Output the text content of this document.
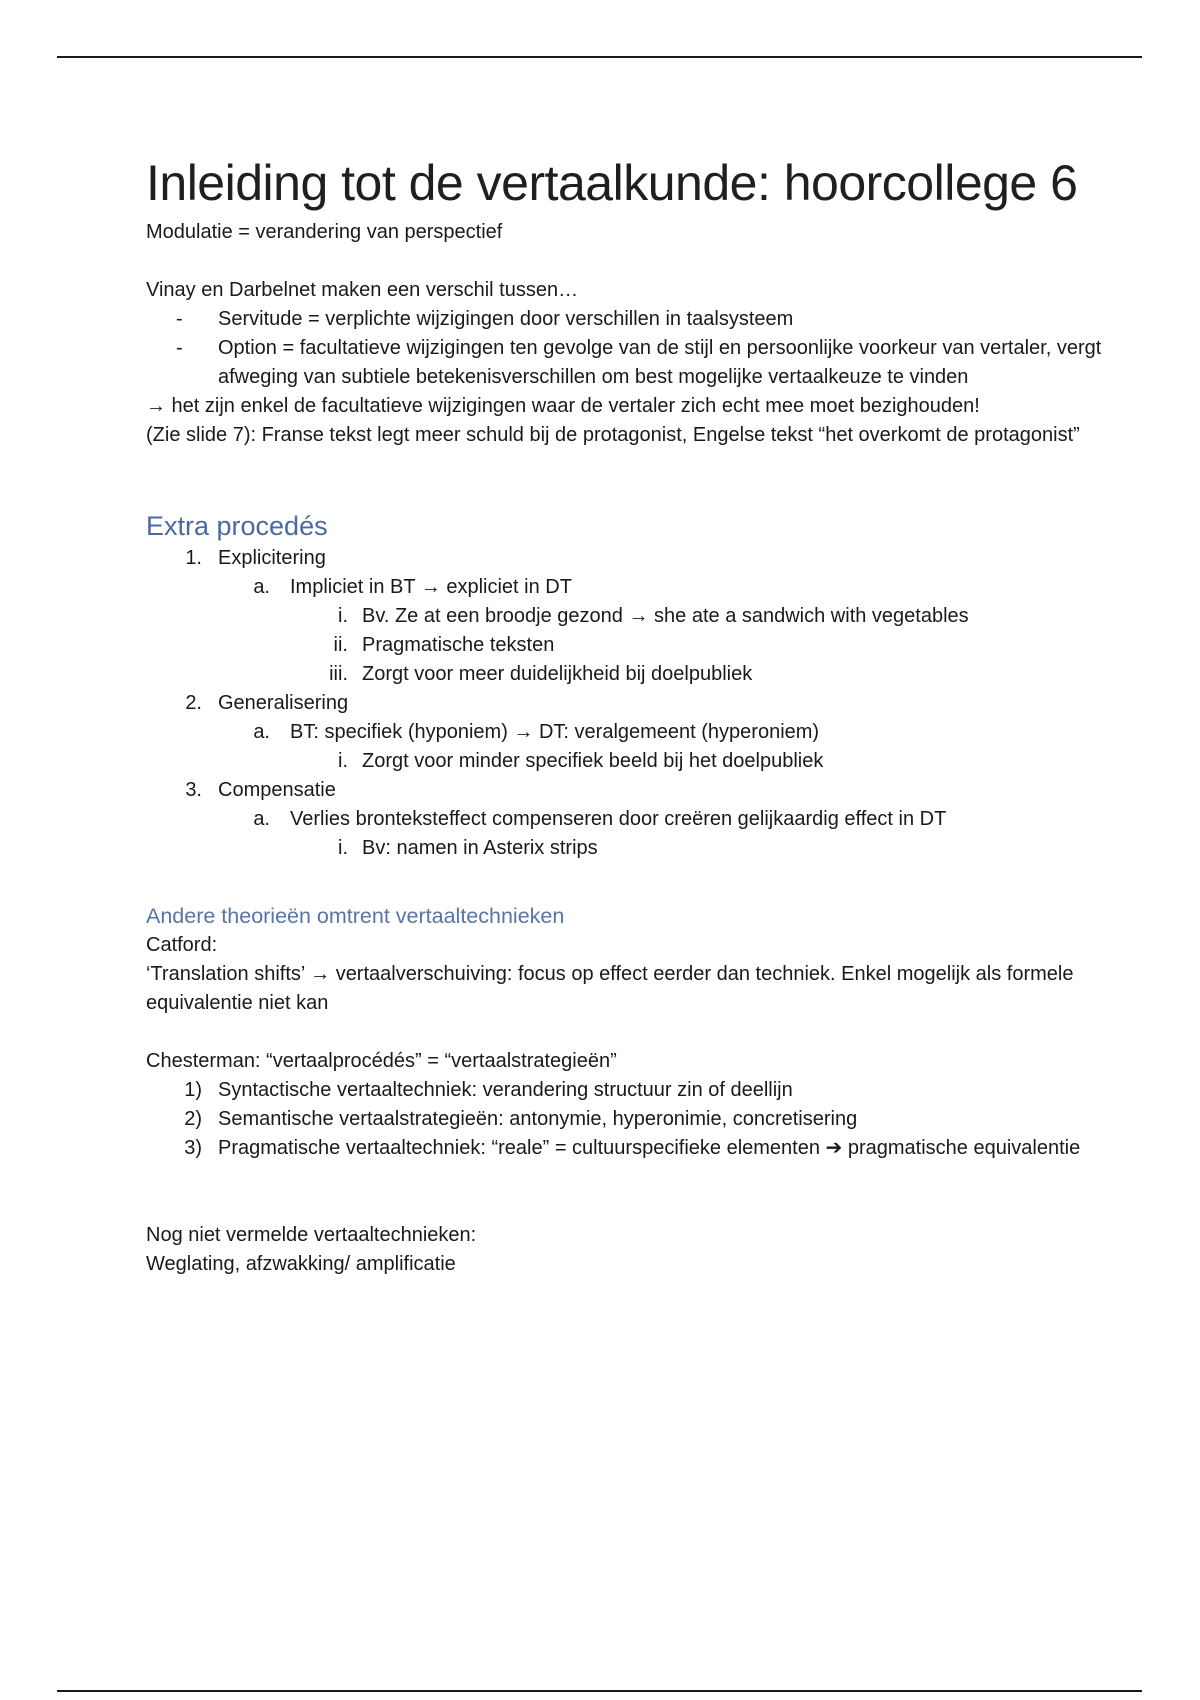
Inleiding tot de vertaalkunde: hoorcollege 6

Modulatie = verandering van perspectief

Vinay en Darbelnet maken een verschil tussen…

-	Servitude = verplichte wijzigingen door verschillen in taalsysteem
-	Option = facultatieve wijzigingen ten gevolge van de stijl en persoonlijke voorkeur van vertaler, vergt afweging van subtiele betekenisverschillen om best mogelijke vertaalkeuze te vinden

→ het zijn enkel de facultatieve wijzigingen waar de vertaler zich echt mee moet bezighouden!

(Zie slide 7): Franse tekst legt meer schuld bij de protagonist, Engelse tekst “het overkomt de protagonist”

Extra procedés
1. Explicitering
a. Impliciet in BT → expliciet in DT
i. Bv. Ze at een broodje gezond → she ate a sandwich with vegetables
ii. Pragmatische teksten
iii. Zorgt voor meer duidelijkheid bij doelpubliek
2. Generalisering
a. BT: specifiek (hyponiem) → DT: veralgemeent (hyperoniem)
i. Zorgt voor minder specifiek beeld bij het doelpubliek
3. Compensatie
a. Verlies bronteksteffect compenseren door creëren gelijkaardig effect in DT
i. Bv: namen in Asterix strips
Andere theorieën omtrent vertaaltechnieken

Catford:

‘Translation shifts’ → vertaalverschuiving: focus op effect eerder dan techniek. Enkel mogelijk als formele equivalentie niet kan

Chesterman: “vertaalprocédés” = “vertaalstrategieën”

1) Syntactische vertaaltechniek: verandering structuur zin of deellijn
2) Semantische vertaalstrategieën: antonymie, hyperonimie, concretisering
3) Pragmatische vertaaltechniek: “reale” = cultuurspecifieke elementen ➔ pragmatische equivalentie

Nog niet vermelde vertaaltechnieken:

Weglating, afzwakking/ amplificatie
